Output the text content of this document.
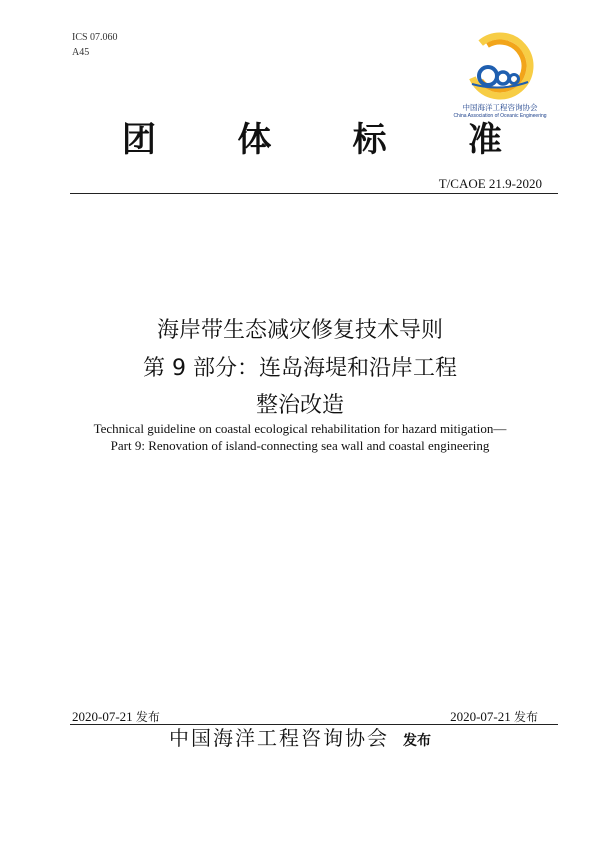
ICS 07.060
A45
中国海洋工程咨询协会
China Association of Oceanic Engineering
团 体 标 准
T/CAOE 21.9-2020
海岸带生态减灾修复技术导则
第 9 部分：连岛海堤和沿岸工程
整治改造
Technical guideline on coastal ecological rehabilitation for hazard mitigation—
Part 9: Renovation of island-connecting sea wall and coastal engineering
2020-07-21 发布	2020-07-21 发布
中国海洋工程咨询协会 发布
